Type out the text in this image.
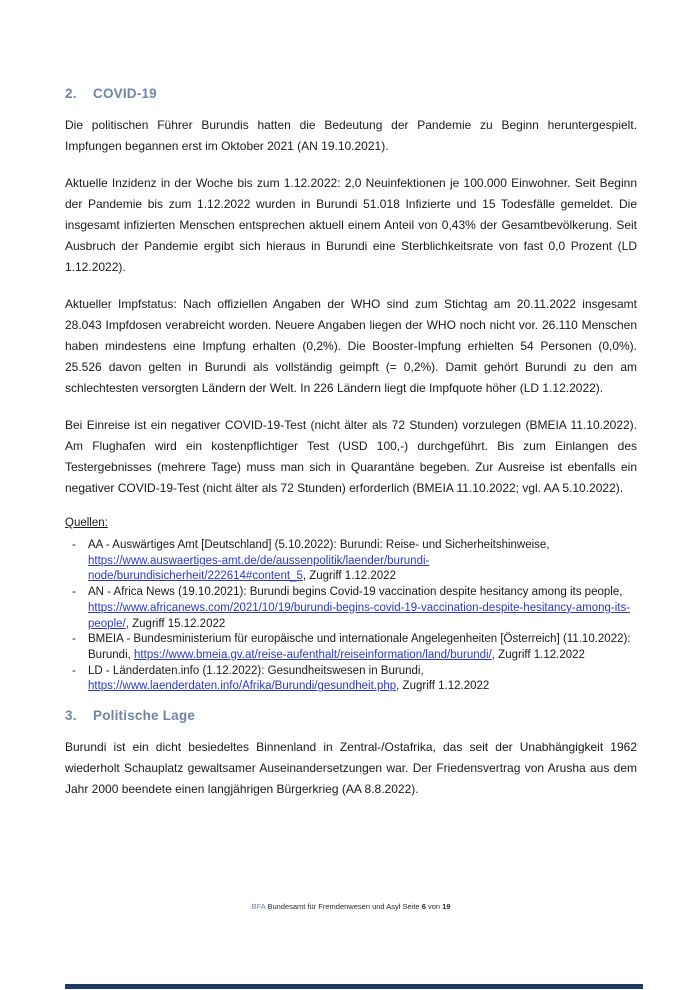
2. COVID-19

Die politischen Führer Burundis hatten die Bedeutung der Pandemie zu Beginn heruntergespielt. Impfungen begannen erst im Oktober 2021 (AN 19.10.2021).

Aktuelle Inzidenz in der Woche bis zum 1.12.2022: 2,0 Neuinfektionen je 100.000 Einwohner. Seit Beginn der Pandemie bis zum 1.12.2022 wurden in Burundi 51.018 Infizierte und 15 Todesfälle gemeldet. Die insgesamt infizierten Menschen entsprechen aktuell einem Anteil von 0,43% der Gesamtbevölkerung. Seit Ausbruch der Pandemie ergibt sich hieraus in Burundi eine Sterblichkeitsrate von fast 0,0 Prozent (LD 1.12.2022).

Aktueller Impfstatus: Nach offiziellen Angaben der WHO sind zum Stichtag am 20.11.2022 insgesamt 28.043 Impfdosen verabreicht worden. Neuere Angaben liegen der WHO noch nicht vor. 26.110 Menschen haben mindestens eine Impfung erhalten (0,2%). Die Booster-Impfung erhielten 54 Personen (0,0%). 25.526 davon gelten in Burundi als vollständig geimpft (= 0,2%). Damit gehört Burundi zu den am schlechtesten versorgten Ländern der Welt. In 226 Ländern liegt die Impfquote höher (LD 1.12.2022).

Bei Einreise ist ein negativer COVID-19-Test (nicht älter als 72 Stunden) vorzulegen (BMEIA 11.10.2022). Am Flughafen wird ein kostenpflichtiger Test (USD 100,-) durchgeführt. Bis zum Einlangen des Testergebnisses (mehrere Tage) muss man sich in Quarantäne begeben. Zur Ausreise ist ebenfalls ein negativer COVID-19-Test (nicht älter als 72 Stunden) erforderlich (BMEIA 11.10.2022; vgl. AA 5.10.2022).

Quellen:

- AA - Auswärtiges Amt [Deutschland] (5.10.2022): Burundi: Reise- und Sicherheitshinweise, https://www.auswaertiges-amt.de/de/aussenpolitik/laender/burundi-node/burundisicherheit/222614#content_5, Zugriff 1.12.2022
- AN - Africa News (19.10.2021): Burundi begins Covid-19 vaccination despite hesitancy among its people, https://www.africanews.com/2021/10/19/burundi-begins-covid-19-vaccination-despite-hesitancy-among-its-people/, Zugriff 15.12.2022
- BMEIA - Bundesministerium für europäische und internationale Angelegenheiten [Österreich] (11.10.2022): Burundi, https://www.bmeia.gv.at/reise-aufenthalt/reiseinformation/land/burundi/, Zugriff 1.12.2022
- LD - Länderdaten.info (1.12.2022): Gesundheitswesen in Burundi, https://www.laenderdaten.info/Afrika/Burundi/gesundheit.php, Zugriff 1.12.2022
3. Politische Lage

Burundi ist ein dicht besiedeltes Binnenland in Zentral-/Ostafrika, das seit der Unabhängigkeit 1962 wiederholt Schauplatz gewaltsamer Auseinandersetzungen war. Der Friedensvertrag von Arusha aus dem Jahr 2000 beendete einen langjährigen Bürgerkrieg (AA 8.8.2022).

.BFA Bundesamt für Fremdenwesen und Asyl Seite 6 von 19
